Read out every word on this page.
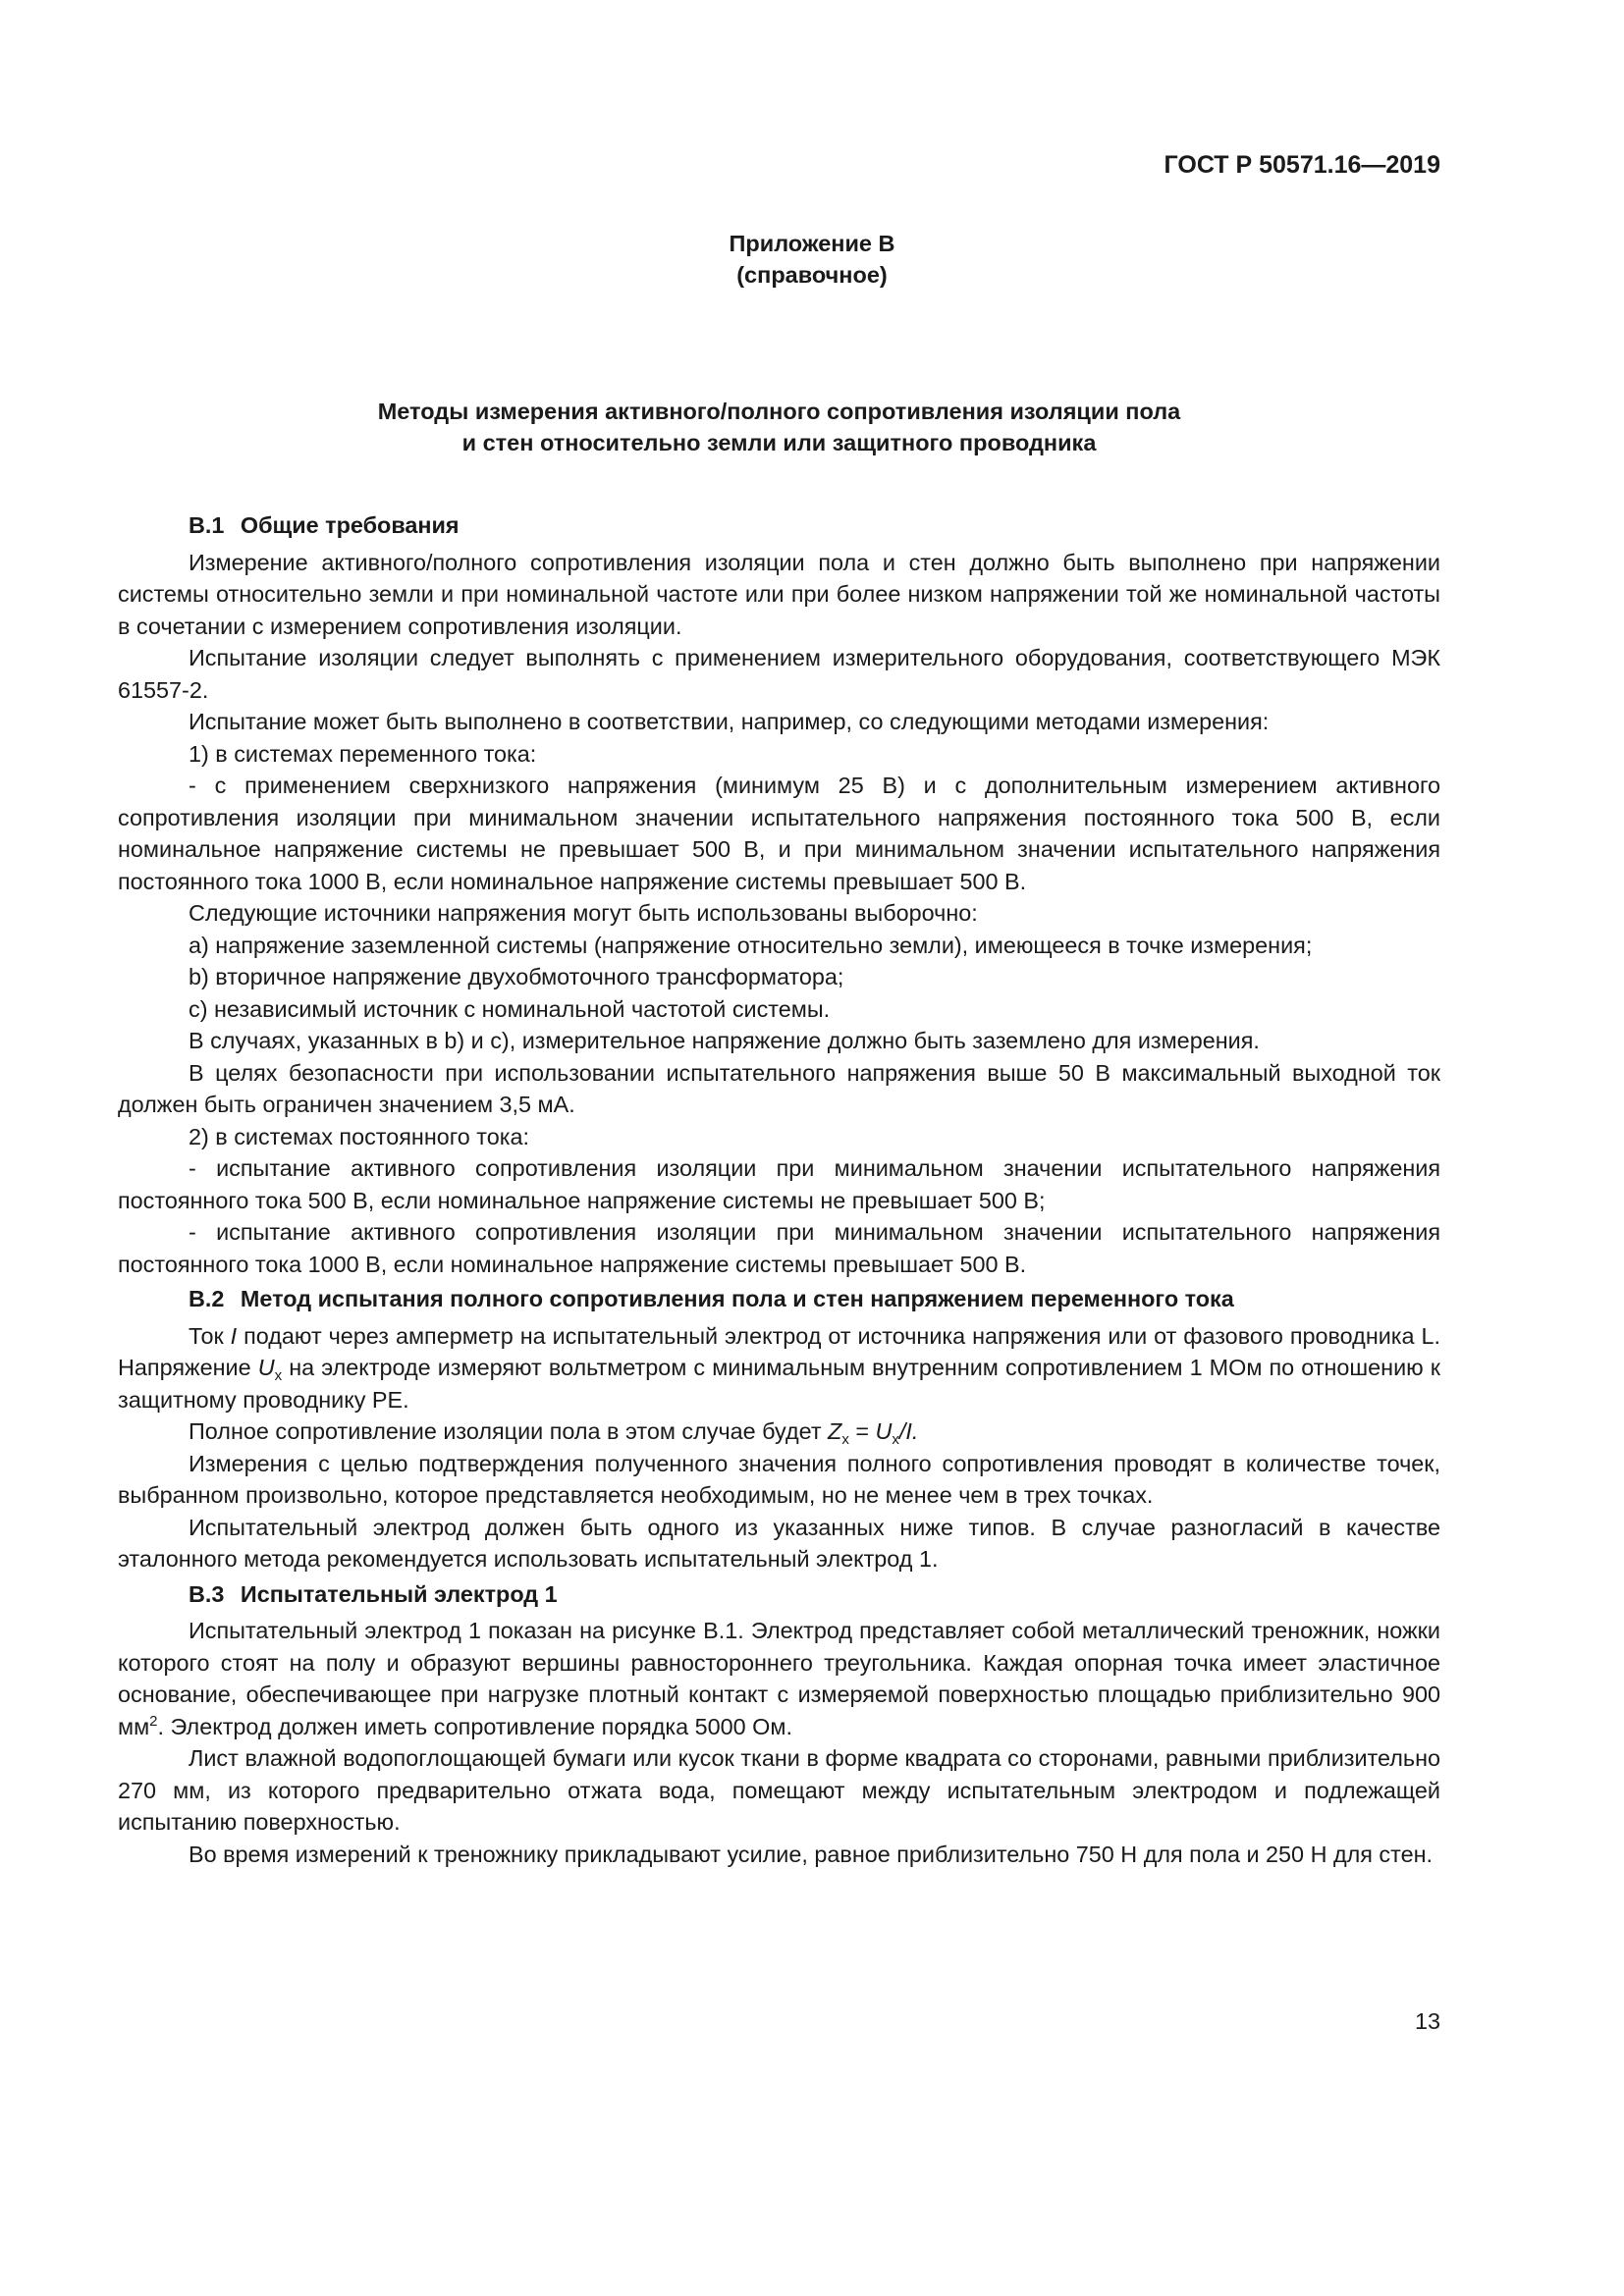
ГОСТ Р 50571.16—2019
Приложение В
(справочное)
Методы измерения активного/полного сопротивления изоляции пола
и стен относительно земли или защитного проводника
В.1 Общие требования

Измерение активного/полного сопротивления изоляции пола и стен должно быть выполнено при напряжении системы относительно земли и при номинальной частоте или при более низком напряжении той же номинальной частоты в сочетании с измерением сопротивления изоляции.

Испытание изоляции следует выполнять с применением измерительного оборудования, соответствующего МЭК 61557-2.

Испытание может быть выполнено в соответствии, например, со следующими методами измерения:

1) в системах переменного тока:

- с применением сверхнизкого напряжения (минимум 25 В) и с дополнительным измерением активного сопротивления изоляции при минимальном значении испытательного напряжения постоянного тока 500 В, если номинальное напряжение системы не превышает 500 В, и при минимальном значении испытательного напряжения постоянного тока 1000 В, если номинальное напряжение системы превышает 500 В.

Следующие источники напряжения могут быть использованы выборочно:

a) напряжение заземленной системы (напряжение относительно земли), имеющееся в точке измерения;

b) вторичное напряжение двухобмоточного трансформатора;

c) независимый источник с номинальной частотой системы.

В случаях, указанных в b) и с), измерительное напряжение должно быть заземлено для измерения.

В целях безопасности при использовании испытательного напряжения выше 50 В максимальный выходной ток должен быть ограничен значением 3,5 мА.

2) в системах постоянного тока:

- испытание активного сопротивления изоляции при минимальном значении испытательного напряжения постоянного тока 500 В, если номинальное напряжение системы не превышает 500 В;

- испытание активного сопротивления изоляции при минимальном значении испытательного напряжения постоянного тока 1000 В, если номинальное напряжение системы превышает 500 В.

В.2 Метод испытания полного сопротивления пола и стен напряжением переменного тока

Ток I подают через амперметр на испытательный электрод от источника напряжения или от фазового проводника L. Напряжение $U_x$ на электроде измеряют вольтметром с минимальным внутренним сопротивлением 1 МОм по отношению к защитному проводнику PE.

Полное сопротивление изоляции пола в этом случае будет $Z_x = U_x/I$.

Измерения с целью подтверждения полученного значения полного сопротивления проводят в количестве точек, выбранном произвольно, которое представляется необходимым, но не менее чем в трех точках.

Испытательный электрод должен быть одного из указанных ниже типов. В случае разногласий в качестве эталонного метода рекомендуется использовать испытательный электрод 1.

В.3 Испытательный электрод 1

Испытательный электрод 1 показан на рисунке В.1. Электрод представляет собой металлический треножник, ножки которого стоят на полу и образуют вершины равностороннего треугольника. Каждая опорная точка имеет эластичное основание, обеспечивающее при нагрузке плотный контакт с измеряемой поверхностью площадью приблизительно 900 $мм^2$. Электрод должен иметь сопротивление порядка 5000 Ом.

Лист влажной водопоглощающей бумаги или кусок ткани в форме квадрата со сторонами, равными приблизительно 270 мм, из которого предварительно отжата вода, помещают между испытательным электродом и подлежащей испытанию поверхностью.

Во время измерений к треножнику прикладывают усилие, равное приблизительно 750 Н для пола и 250 Н для стен.

13
